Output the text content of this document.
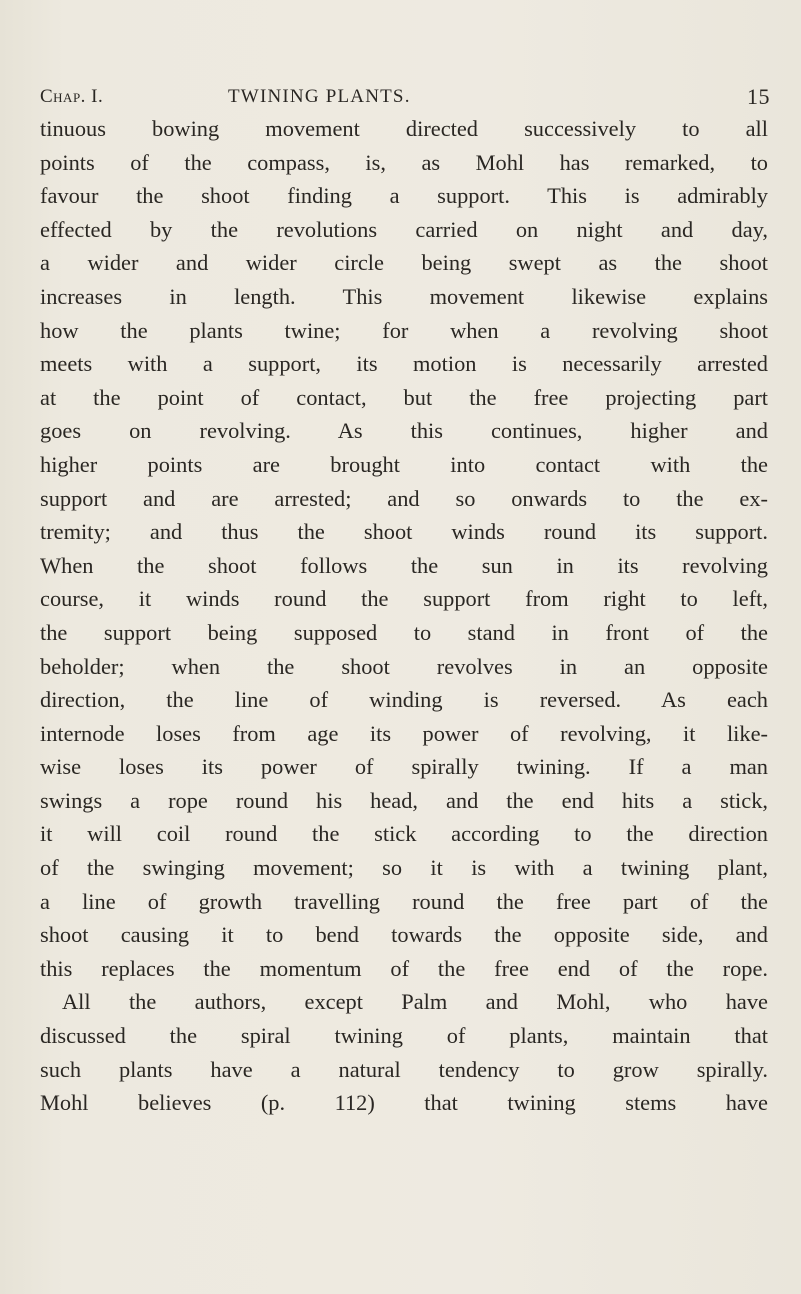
Chap. I.	TWINING PLANTS.	15
tinuous bowing movement directed successively to all
points of the compass, is, as Mohl has remarked, to
favour the shoot finding a support. This is admirably
effected by the revolutions carried on night and day,
a wider and wider circle being swept as the shoot
increases in length. This movement likewise explains
how the plants twine; for when a revolving shoot
meets with a support, its motion is necessarily arrested
at the point of contact, but the free projecting part
goes on revolving. As this continues, higher and
higher points are brought into contact with the
support and are arrested; and so onwards to the ex-
tremity; and thus the shoot winds round its support.
When the shoot follows the sun in its revolving
course, it winds round the support from right to left,
the support being supposed to stand in front of the
beholder; when the shoot revolves in an opposite
direction, the line of winding is reversed. As each
internode loses from age its power of revolving, it like-
wise loses its power of spirally twining. If a man
swings a rope round his head, and the end hits a stick,
it will coil round the stick according to the direction
of the swinging movement; so it is with a twining plant,
a line of growth travelling round the free part of the
shoot causing it to bend towards the opposite side, and
this replaces the momentum of the free end of the rope.
All the authors, except Palm and Mohl, who have
discussed the spiral twining of plants, maintain that
such plants have a natural tendency to grow spirally.
Mohl believes (p. 112) that twining stems have
